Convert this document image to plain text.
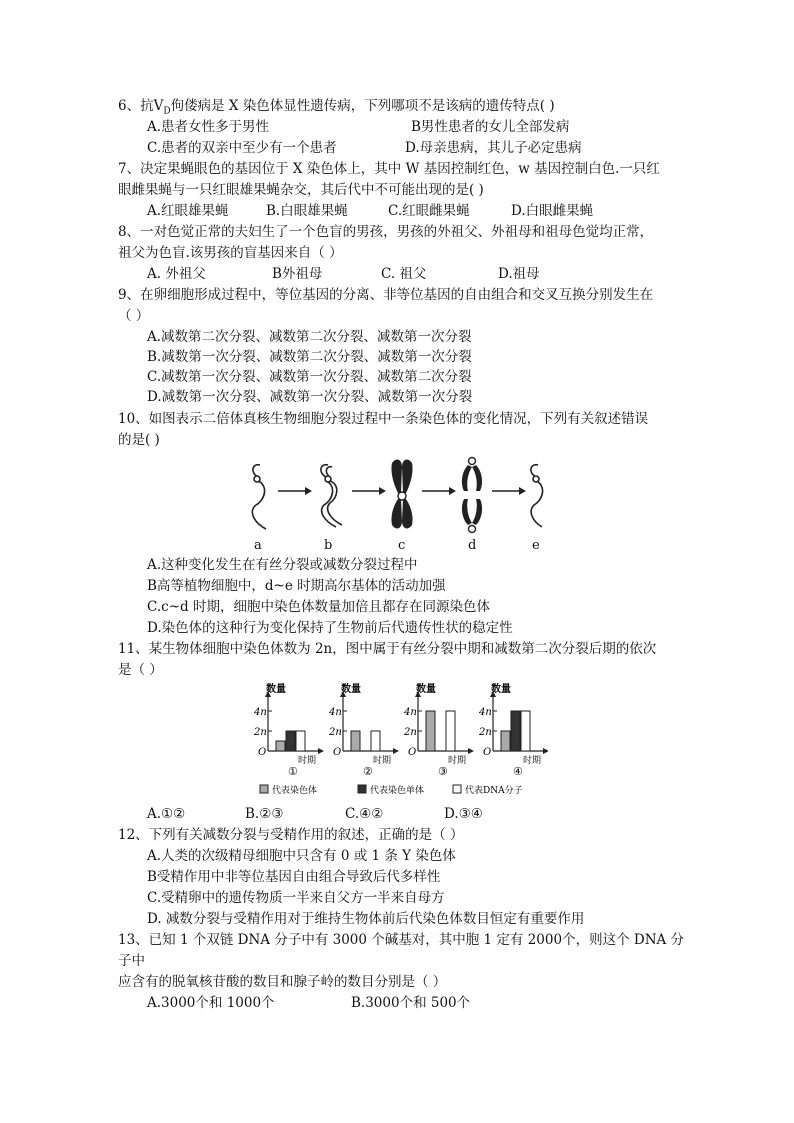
6、抗$V_D$佝偻病是 X 染色体显性遗传病，下列哪项不是该病的遗传特点( )
A.患者女性多于男性	B男性患者的女儿全部发病
C.患者的双亲中至少有一个患者	D.母亲患病，其儿子必定患病
7、决定果蝇眼色的基因位于 X 染色体上，其中 W 基因控制红色，w 基因控制白色.一只红
眼雌果蝇与一只红眼雄果蝇杂交，其后代中不可能出现的是( )
A.红眼雄果蝇	B.白眼雄果蝇	C.红眼雌果蝇	D.白眼雌果蝇
8、一对色觉正常的夫妇生了一个色盲的男孩，男孩的外祖父、外祖母和祖母色觉均正常，
祖父为色盲.该男孩的盲基因来自（ ）
A. 外祖父	B外祖母	C. 祖父	D.祖母
9、在卵细胞形成过程中，等位基因的分离、非等位基因的自由组合和交叉互换分别发生在
（ ）
A.减数第二次分裂、减数第二次分裂、减数第一次分裂
B.减数第一次分裂、减数第二次分裂、减数第一次分裂
C.减数第一次分裂、减数第一次分裂、减数第二次分裂
D.减数第一次分裂、减数第一次分裂、减数第一次分裂
10、如图表示二倍体真核生物细胞分裂过程中一条染色体的变化情况，下列有关叙述错误
的是( )
a	b	c	d	e
A.这种变化发生在有丝分裂或减数分裂过程中
B高等植物细胞中，d~e 时期高尔基体的活动加强
C.c~d 时期，细胞中染色体数量加倍且都存在同源染色体
D.染色体的这种行为变化保持了生物前后代遗传性状的稳定性
11、某生物体细胞中染色体数为 2n，图中属于有丝分裂中期和减数第二次分裂后期的依次
是（ ）
数量
时期
4n
2n
O
①
数量
时期
4n
2n
O
②
数量
时期
4n
2n
O
③
数量
时期
4n
2n
O
④
代表染色体	代表染色单体	代表DNA分子
A.①②	B.②③	C.④②	D.③④
12、下列有关减数分裂与受精作用的叙述，正确的是（ ）
A.人类的次级精母细胞中只含有 0 或 1 条 Y 染色体
B受精作用中非等位基因自由组合导致后代多样性
C.受精卵中的遗传物质一半来自父方一半来自母方
D. 减数分裂与受精作用对于维持生物体前后代染色体数目恒定有重要作用
13、已知 1 个双链 DNA 分子中有 3000 个碱基对，其中胞 1 定有 2000个，则这个 DNA 分
子中
应含有的脱氧核苷酸的数目和腺子岭的数目分别是（ ）
A.3000个和 1000个	B.3000个和 500个
